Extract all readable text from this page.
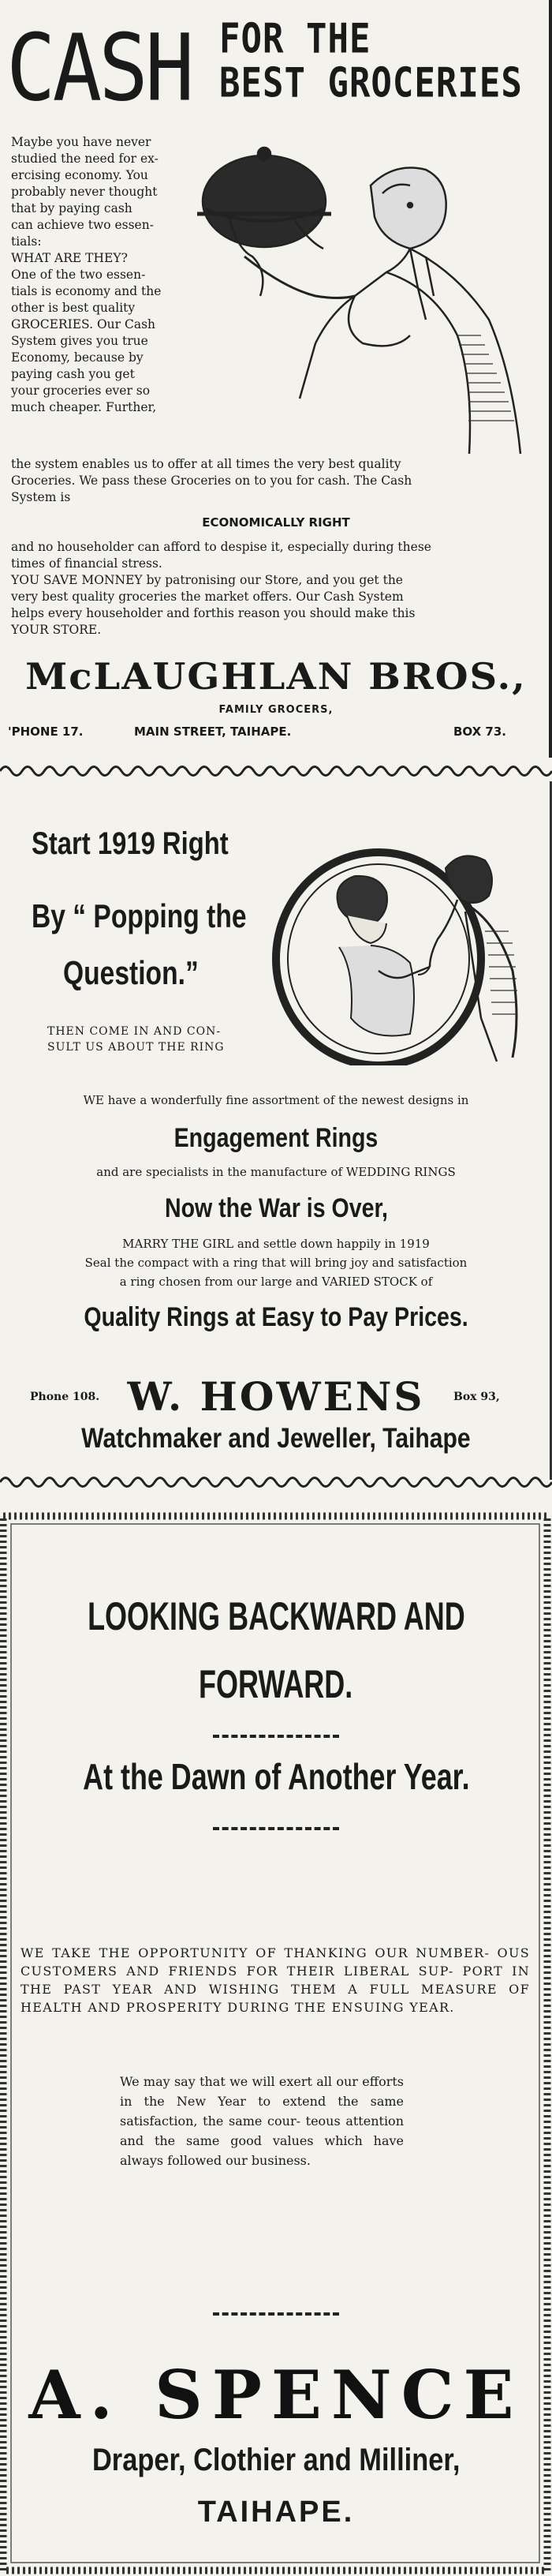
CASH FOR THE
BEST GROCERIES

Maybe you have never

studied the need for ex-

ercising economy. You

probably never thought

that by paying cash

can achieve two essen-

tials:

WHAT ARE THEY?

One of the two essen-

tials is economy and the

other is best quality

GROCERIES. Our Cash

System gives you true

Economy, because by

paying cash you get

your groceries ever so

much cheaper. Further,

the system enables us to offer at all times the very best quality

Groceries. We pass these Groceries on to you for cash. The Cash

System is

ECONOMICALLY RIGHT

and no householder can afford to despise it, especially during these

times of financial stress.

YOU SAVE MONNEY by patronising our Store, and you get the

very best quality groceries the market offers. Our Cash System

helps every householder and forthis reason you should make this

YOUR STORE.

McLAUGHLAN BROS.,
FAMILY GROCERS,
'PHONE 17.	MAIN STREET, TAIHAPE.	BOX 73.
Start 1919 Right
By “ Popping the
Question.”
THEN COME IN AND CON-
SULT US ABOUT THE RING
WE have a wonderfully fine assortment of the newest designs in
Engagement Rings
and are specialists in the manufacture of WEDDING RINGS
Now the War is Over,
MARRY THE GIRL and settle down happily in 1919
Seal the compact with a ring that will bring joy and satisfaction
a ring chosen from our large and VARIED STOCK of
Quality Rings at Easy to Pay Prices.
Phone 108. W. HOWENS	Box 93,
Watchmaker and Jeweller, Taihape
LOOKING BACKWARD AND
FORWARD.
At the Dawn of Another Year.
WE TAKE THE OPPORTUNITY OF THANKING OUR NUMBER- OUS CUSTOMERS AND FRIENDS FOR THEIR LIBERAL SUP- PORT IN THE PAST YEAR AND WISHING THEM A FULL MEASURE OF HEALTH AND PROSPERITY DURING THE ENSUING YEAR.
We may say that we will exert all our efforts in the New Year to extend the same satisfaction, the same cour- teous attention and the same good values which have always followed our business.
A. SPENCE
Draper, Clothier and Milliner,
TAIHAPE.
